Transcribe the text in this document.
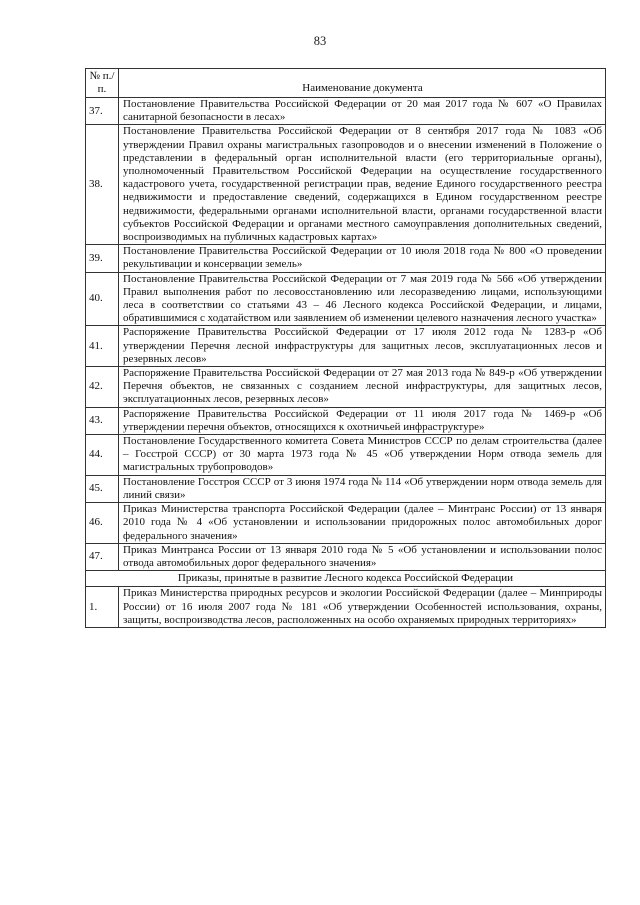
83
№ п./п.	Наименование документа
37.	Постановление Правительства Российской Федерации от 20 мая 2017 года № 607 «О Правилах санитарной безопасности в лесах»
38.	Постановление Правительства Российской Федерации от 8 сентября 2017 года № 1083 «Об утверждении Правил охраны магистральных газопроводов и о внесении изменений в Положение о представлении в федеральный орган исполнительной власти (его территориальные органы), уполномоченный Правительством Российской Федерации на осуществление государственного кадастрового учета, государственной регистрации прав, ведение Единого государственного реестра недвижимости и предоставление сведений, содержащихся в Едином государственном реестре недвижимости, федеральными органами исполнительной власти, органами государственной власти субъектов Российской Федерации и органами местного самоуправления дополнительных сведений, воспроизводимых на публичных кадастровых картах»
39.	Постановление Правительства Российской Федерации от 10 июля 2018 года № 800 «О проведении рекультивации и консервации земель»
40.	Постановление Правительства Российской Федерации от 7 мая 2019 года № 566 «Об утверждении Правил выполнения работ по лесовосстановлению или лесоразведению лицами, использующими леса в соответствии со статьями 43 – 46 Лесного кодекса Российской Федерации, и лицами, обратившимися с ходатайством или заявлением об изменении целевого назначения лесного участка»
41.	Распоряжение Правительства Российской Федерации от 17 июля 2012 года № 1283-р «Об утверждении Перечня лесной инфраструктуры для защитных лесов, эксплуатационных лесов и резервных лесов»
42.	Распоряжение Правительства Российской Федерации от 27 мая 2013 года № 849-р «Об утверждении Перечня объектов, не связанных с созданием лесной инфраструктуры, для защитных лесов, эксплуатационных лесов, резервных лесов»
43.	Распоряжение Правительства Российской Федерации от 11 июля 2017 года № 1469-р «Об утверждении перечня объектов, относящихся к охотничьей инфраструктуре»
44.	Постановление Государственного комитета Совета Министров СССР по делам строительства (далее – Госстрой СССР) от 30 марта 1973 года № 45 «Об утверждении Норм отвода земель для магистральных трубопроводов»
45.	Постановление Госстроя СССР от 3 июня 1974 года № 114 «Об утверждении норм отвода земель для линий связи»
46.	Приказ Министерства транспорта Российской Федерации (далее – Минтранс России) от 13 января 2010 года № 4 «Об установлении и использовании придорожных полос автомобильных дорог федерального значения»
47.	Приказ Минтранса России от 13 января 2010 года № 5 «Об установлении и использовании полос отвода автомобильных дорог федерального значения»
Приказы, принятые в развитие Лесного кодекса Российской Федерации	
1.	Приказ Министерства природных ресурсов и экологии Российской Федерации (далее – Минприроды России) от 16 июля 2007 года № 181 «Об утверждении Особенностей использования, охраны, защиты, воспроизводства лесов, расположенных на особо охраняемых природных территориях»
